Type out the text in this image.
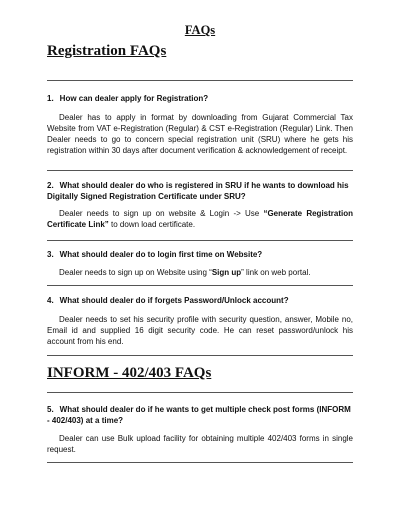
FAQs
Registration FAQs
1. How can dealer apply for Registration?
Dealer has to apply in format by downloading from Gujarat Commercial Tax Website from VAT e-Registration (Regular) & CST e-Registration (Regular) Link. Then Dealer needs to go to concern special registration unit (SRU) where he gets his registration within 30 days after document verification & acknowledgement of receipt.
2. What should dealer do who is registered in SRU if he wants to download his Digitally Signed Registration Certificate under SRU?
Dealer needs to sign up on website & Login -> Use “Generate Registration Certificate Link” to down load certificate.
3. What should dealer do to login first time on Website?
Dealer needs to sign up on Website using “Sign up” link on web portal.
4. What should dealer do if forgets Password/Unlock account?
Dealer needs to set his security profile with security question, answer, Mobile no, Email id and supplied 16 digit security code. He can reset password/unlock his account from his end.
INFORM - 402/403 FAQs
5. What should dealer do if he wants to get multiple check post forms (INFORM - 402/403) at a time?
Dealer can use Bulk upload facility for obtaining multiple 402/403 forms in single request.
